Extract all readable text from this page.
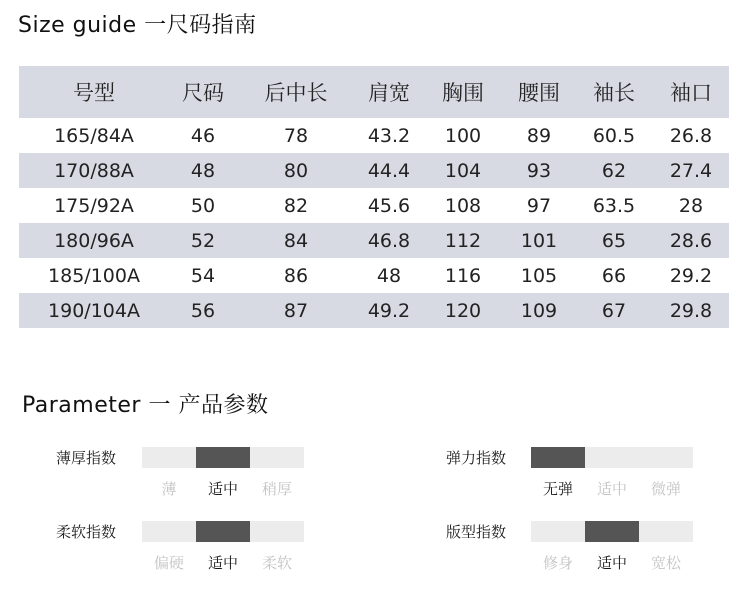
Size guide 一尺码指南
号型	尺码	后中长	肩宽	胸围	腰围	袖长	袖口
165/84A	46	78	43.2	100	89	60.5	26.8
170/88A	48	80	44.4	104	93	62	27.4
175/92A	50	82	45.6	108	97	63.5	28
180/96A	52	84	46.8	112	101	65	28.6
185/100A	54	86	48	116	105	66	29.2
190/104A	56	87	49.2	120	109	67	29.8
Parameter 一 产品参数
薄厚指数
薄	适中	稍厚
弹力指数
无弹	适中	微弹
柔软指数
偏硬	适中	柔软
版型指数
修身	适中	宽松
